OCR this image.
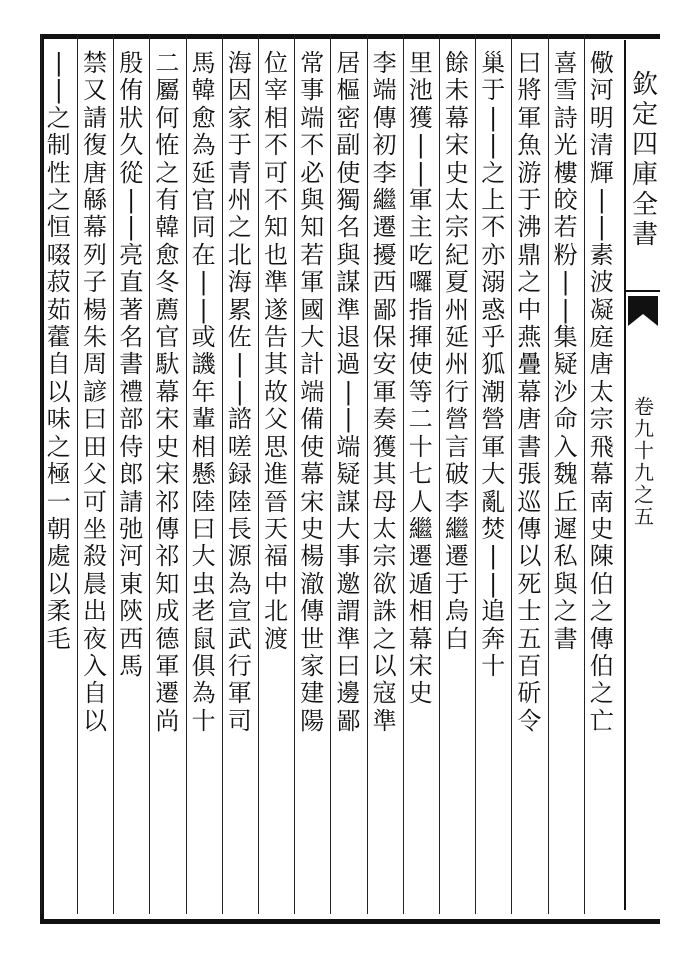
欽定四庫全書
卷九十九之五
儆
河
明
清
輝
|
|
素
波
凝
庭
唐
太
宗
飛
幕
南
史
陳
伯
之
傳
伯
之
亡
喜
雪
詩
光
樓
皎
若
粉
|
|
集
疑
沙
命
入
魏
丘
遲
私
與
之
書
曰
將
軍
魚
游
于
沸
鼎
之
中
燕
疊
幕
唐
書
張
巡
傳
以
死
士
五
百
斫
令
巢
于
|
|
之
上
不
亦
溺
惑
乎
狐
潮
營
軍
大
亂
焚
|
|
追
奔
十
餘
未
幕
宋
史
太
宗
紀
夏
州
延
州
行
營
言
破
李
繼
遷
于
烏
白
里
池
獲
|
|
軍
主
吃
囉
指
揮
使
等
二
十
七
人
繼
遷
遁
相
幕
宋
史
李
端
傳
初
李
繼
遷
擾
西
鄙
保
安
軍
奏
獲
其
母
太
宗
欲
誅
之
以
寇
準
居
樞
密
副
使
獨
名
與
謀
準
退
過
|
|
端
疑
謀
大
事
邀
謂
準
曰
邊
鄙
常
事
端
不
必
與
知
若
軍
國
大
計
端
備
使
幕
宋
史
楊
澈
傳
世
家
建
陽
位
宰
相
不
可
不
知
也
準
遂
告
其
故
父
思
進
晉
天
福
中
北
渡
海
因
家
于
青
州
之
北
海
累
佐
|
|
諮
嗟
録
陸
長
源
為
宣
武
行
軍
司
馬
韓
愈
為
延
官
同
在
|
|
或
譏
年
輩
相
懸
陸
曰
大
虫
老
鼠
俱
為
十
二
屬
何
恠
之
有
韓
愈
冬
薦
官
馱
幕
宋
史
宋
祁
傳
祁
知
成
德
軍
遷
尚
殷
侑
狀
久
從
|
|
亮
直
著
名
書
禮
部
侍
郎
請
弛
河
東
陝
西
馬
禁
又
請
復
唐
緜
幕
列
子
楊
朱
周
諺
曰
田
父
可
坐
殺
晨
出
夜
入
自
以
|
|
之
制
性
之
恒
啜
菽
茹
藿
自
以
味
之
極
一
朝
處
以
柔
毛
